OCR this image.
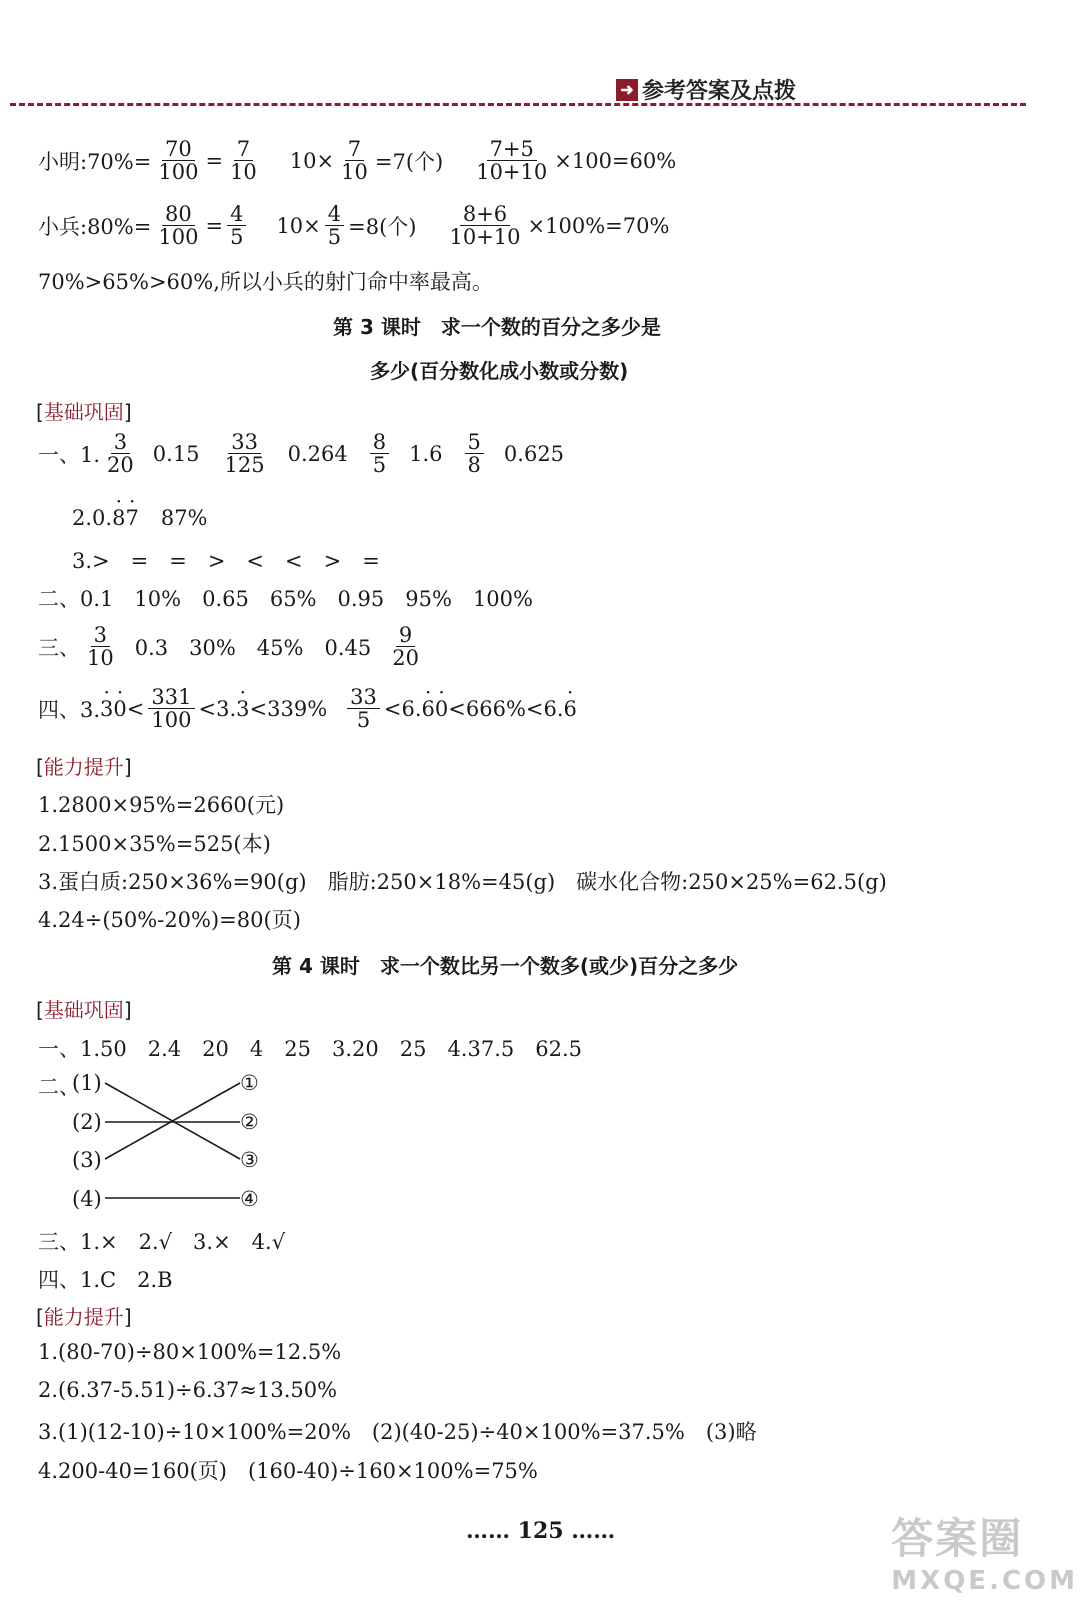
➜ 参考答案及点拨
小明:70%= $\frac{70}{100} = \frac{7}{10} 10\times \frac{7}{10} =7$(个) $\frac{7+5}{10+10} \times 100=60\%$
小兵:80%= $\frac{80}{100} = \frac{4}{5} 10\times \frac{4}{5} =8$(个) $\frac{8+6}{10+10} \times 100\%=70\%$
70%>65%>60%,所以小兵的射门命中率最高。
第 3 课时　求一个数的百分之多少是
多少(百分数化成小数或分数)
[基础巩固]
一、1. $\frac{3}{20} 0.15 \frac{33}{125} 0.264 \frac{8}{5} 1.6 \frac{5}{8} 0.625$
2.0.· 8· 7 87%
3.>　=　=　>　<　<　>　=
二、0.1　10%　0.65　65%　0.95　95%　100%
三、 $\frac{3}{10} 0.3$　30%　45%　$0.45 \frac{9}{20}$
四、3.
· 3
· $0 < \frac{331}{100} <3$.
· $3 <339\% \frac{33}{5} <6$.
· 6
· 0 <666%<6.
· 6
[能力提升]
1.2800×95%=2660(元)
2.1500×35%=525(本)
3.蛋白质:250×36%=90(g)　脂肪:250×18%=45(g)　碳水化合物:250×25%=62.5(g)
4.24÷(50%-20%)=80(页)
第 4 课时　求一个数比另一个数多(或少)百分之多少
[基础巩固]
一、1.50　2.4　20　4　25　3.20　25　4.37.5　62.5
二、
(1)
(2)
(3)
(4)
①
②
③
④
三、1.×　2.√　3.×　4.√
四、1.C　2.B
[能力提升]
1.(80-70)÷80×100%=12.5%
2.(6.37-5.51)÷6.37≈13.50%
3.(1)(12-10)÷10×100%=20%　(2)(40-25)÷40×100%=37.5%　(3)略
4.200-40=160(页)　(160-40)÷160×100%=75%
…… 125 ……	答案圈
MXQE.COM
